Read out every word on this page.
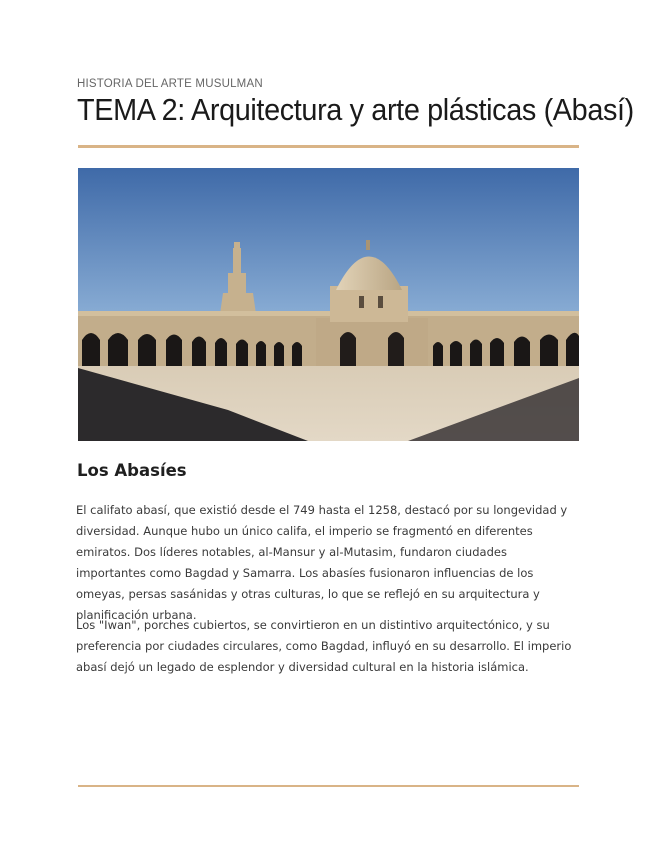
HISTORIA DEL ARTE MUSULMAN
TEMA 2: Arquitectura y arte plásticas (Abasí)
Los Abasíes

El califato abasí, que existió desde el 749 hasta el 1258, destacó por su longevidad y diversidad. Aunque hubo un único califa, el imperio se fragmentó en diferentes emiratos. Dos líderes notables, al-Mansur y al-Mutasim, fundaron ciudades importantes como Bagdad y Samarra. Los abasíes fusionaron influencias de los omeyas, persas sasánidas y otras culturas, lo que se reflejó en su arquitectura y planificación urbana.

Los "Iwan", porches cubiertos, se convirtieron en un distintivo arquitectónico, y su preferencia por ciudades circulares, como Bagdad, influyó en su desarrollo. El imperio abasí dejó un legado de esplendor y diversidad cultural en la historia islámica.
